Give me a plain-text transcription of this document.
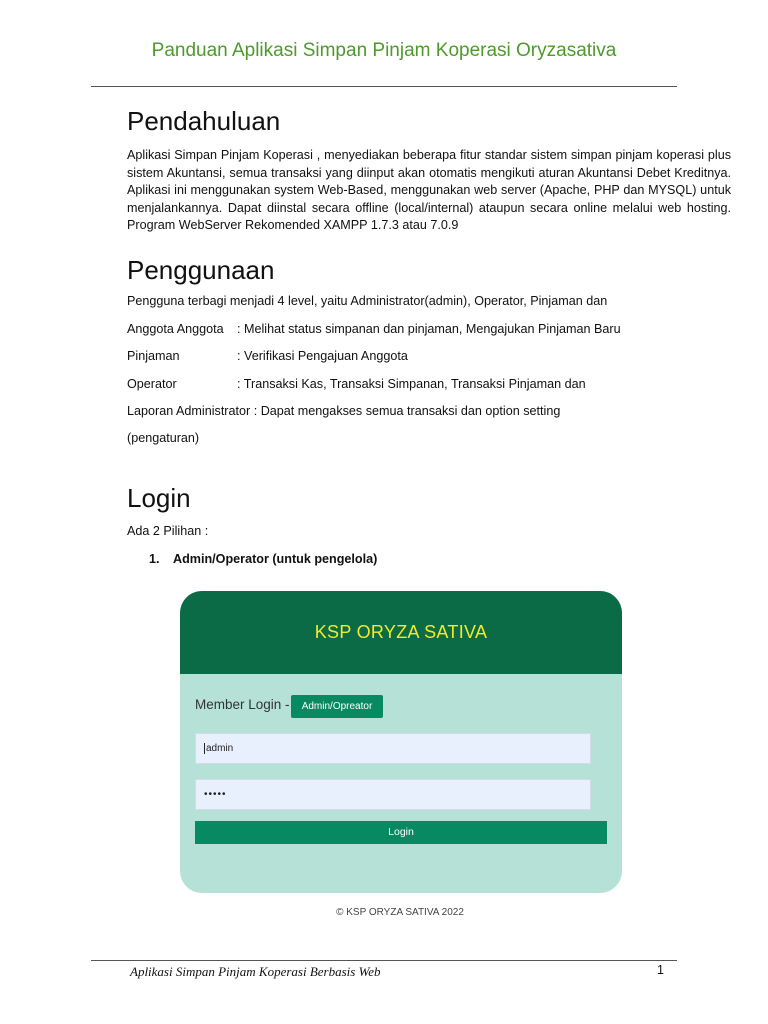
Panduan Aplikasi Simpan Pinjam Koperasi Oryzasativa
Pendahuluan

Aplikasi Simpan Pinjam Koperasi , menyediakan beberapa fitur standar sistem simpan pinjam koperasi plus sistem Akuntansi, semua transaksi yang diinput akan otomatis mengikuti aturan Akuntansi Debet Kreditnya. Aplikasi ini menggunakan system Web-Based, menggunakan web server (Apache, PHP dan MYSQL) untuk menjalankannya. Dapat diinstal secara offline (local/internal) ataupun secara online melalui web hosting. Program WebServer Rekomended XAMPP 1.7.3 atau 7.0.9

Penggunaan
Pengguna terbagi menjadi 4 level, yaitu Administrator(admin), Operator, Pinjaman dan
Anggota Anggota : Melihat status simpanan dan pinjaman, Mengajukan Pinjaman Baru
Pinjaman	: Verifikasi Pengajuan Anggota
Operator	: Transaksi Kas, Transaksi Simpanan, Transaksi Pinjaman dan
Laporan Administrator : Dapat mengakses semua transaksi dan option setting
(pengaturan)
Login
Ada 2 Pilihan :
1. Admin/Operator (untuk pengelola)
KSP ORYZA SATIVA
Member Login -	Admin/Opreator
admin
•••••
Login
© KSP ORYZA SATIVA 2022
Aplikasi Simpan Pinjam Koperasi Berbasis Web	1
